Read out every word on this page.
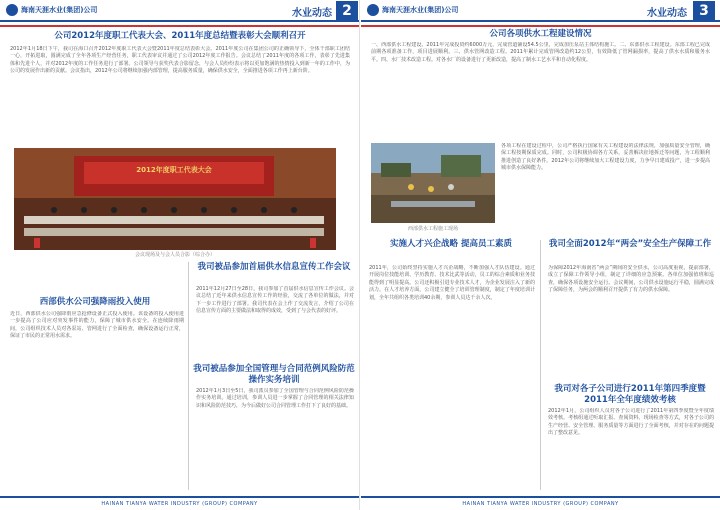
海南天涯水业(集团)公司	水业动态 2
公司2012年度职工代表大会、2011年度总结暨表彰大会顺利召开
2012年1月18日下午，我司在海口召开2012年度职工代表大会暨2011年度总结表彰大会。2011年度公司在集团公司的正确领导下，全体干部职工团结一心，开拓进取，圆满完成了全年各项生产经营任务，职工代表审议并通过了公司2012年度工作报告。会议总结了2011年度的各项工作，表彰了先进集体和先进个人，并对2012年度的工作任务进行了部署。公司领导与获奖代表合影留念，与会人员纷纷表示将以更加饱满的热情投入到新一年的工作中，为公司的发展作出新的贡献。会议指出，2012年公司将继续加强内部管理，提高服务质量，确保供水安全，全面推进各项工作再上新台阶。
2012年度职工代表大会
会议现场及与会人员合影（综合办）
西部供水公司强降雨投入使用
近日，西部供水公司强降雨应急抢修设备正式投入使用。该设备的投入使用进一步提高了公司应对突发事件的能力，保障了城市供水安全。在连续降雨期间，公司组织技术人员对各泵站、管网进行了全面检查，确保设备运行正常，保证了市民的正常用水需求。
我司被品参加首届供水信息宣传工作会议
2011年12月27日至28日，我司参加了首届供水信息宣传工作会议。会议总结了近年来供水信息宣传工作的经验，交流了各单位的做法，并对下一步工作进行了部署。我司代表在会上作了交流发言，介绍了公司在信息宣传方面的主要做法和取得的成效，受到了与会代表的好评。
我司被品参加全国管理与合同范例风险防范操作实务培训
2012年1月3日至5日，我司派员参加了全国管理与合同范例风险防范操作实务培训。通过培训，参训人员进一步掌握了合同管理的相关法律知识和风险防范技巧，为今后做好公司合同管理工作打下了良好的基础。
HAINAN TIANYA WATER INDUSTRY (GROUP) COMPANY
海南天涯水业(集团)公司	水业动态 3
公司各项供水工程建设情况
一、西部供水工程建设。2011年完成投资约6000万元，完成管道铺设54.5公里，完成加压泵站主体结构施工。二、东部供水工程建设。东部工程已完成前期各项准备工作，项目进展顺利。三、供水管网改造工程。2011年累计完成管网改造约12公里，有效降低了管网漏损率，提高了供水水质和服务水平。四、水厂技术改造工程。对各水厂的设备进行了更新改造，提高了制水工艺水平和自动化程度。
西部供水工程施工现场
各项工程在建设过程中，公司严格执行国家有关工程建设的法律法规，加强质量安全管理，确保工程按期保质完成。同时，公司积极协调各方关系，妥善解决征地拆迁等问题，为工程顺利推进创造了良好条件。2012年公司将继续加大工程建设力度，力争早日建成投产，进一步提高城市供水保障能力。
实施人才兴企战略 提高员工素质
2011年，公司始终坚持实施人才兴企战略，不断加强人才队伍建设。通过开展岗位技能培训、学历教育、技术比武等活动，员工的综合素质和业务技能得到了明显提高。公司还积极引进专业技术人才，为企业发展注入了新的活力。在人才培养方面，公司建立健全了培训管理制度，制定了年度培训计划，全年共组织各类培训40余期，参训人员达千余人次。
我司全面2012年“两会”安全生产保障工作
为保障2012年海南省“两会”期间的安全供水，公司高度重视，提前部署，成立了保障工作领导小组，制定了详细的应急预案。各单位加强值班和巡查，确保各项设施安全运行。会议期间，公司供水设施运行平稳，圆满完成了保障任务，为两会的顺利召开提供了有力的供水保障。
我司对各子公司进行2011年第四季度暨2011年全年度绩效考核
2012年1月，公司组织人员对各子公司进行了2011年第四季度暨全年度绩效考核。考核组通过听取汇报、查阅资料、现场检查等方式，对各子公司的生产经营、安全管理、服务质量等方面进行了全面考核，并对存在的问题提出了整改意见。
HAINAN TIANYA WATER INDUSTRY (GROUP) COMPANY
